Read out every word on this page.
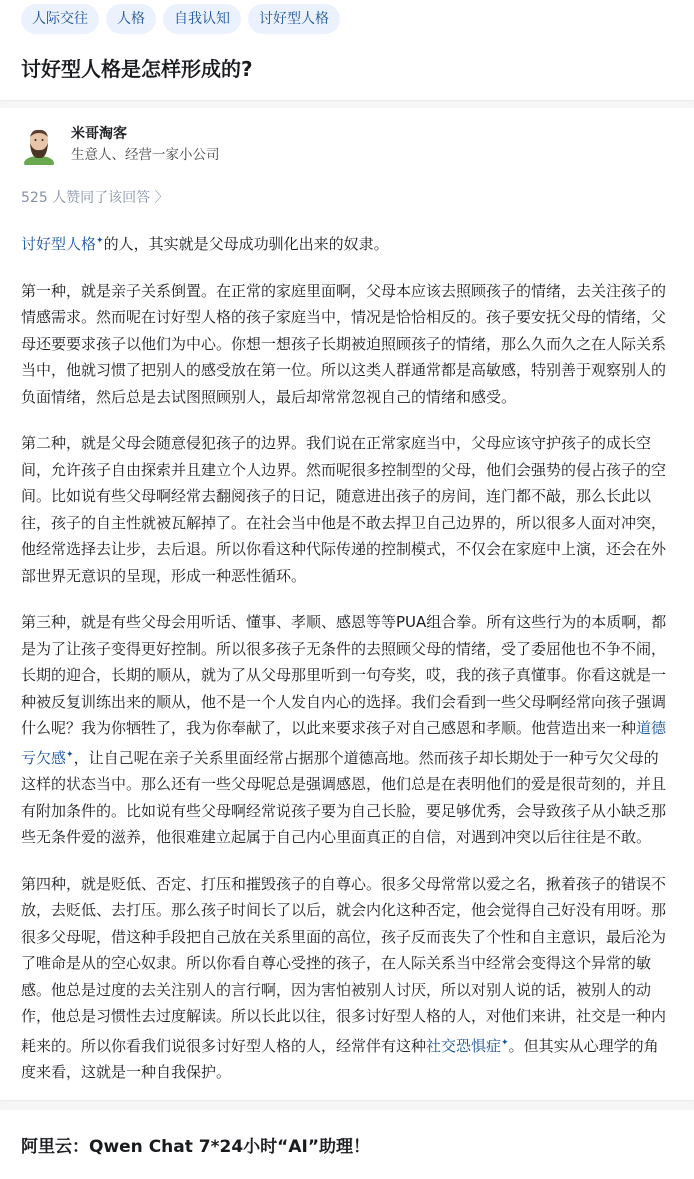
人际交往	人格	自我认知	讨好型人格
讨好型人格是怎样形成的?
米哥淘客
生意人、经营一家小公司
525 人赞同了该回答 〉

讨好型人格✦的人，其实就是父母成功驯化出来的奴隶。

第一种，就是亲子关系倒置。在正常的家庭里面啊，父母本应该去照顾孩子的情绪，去关注孩子的情感需求。然而呢在讨好型人格的孩子家庭当中，情况是恰恰相反的。孩子要安抚父母的情绪，父母还要要求孩子以他们为中心。你想一想孩子长期被迫照顾孩子的情绪，那么久而久之在人际关系当中，他就习惯了把别人的感受放在第一位。所以这类人群通常都是高敏感，特别善于观察别人的负面情绪，然后总是去试图照顾别人，最后却常常忽视自己的情绪和感受。

第二种，就是父母会随意侵犯孩子的边界。我们说在正常家庭当中，父母应该守护孩子的成长空间，允许孩子自由探索并且建立个人边界。然而呢很多控制型的父母，他们会强势的侵占孩子的空间。比如说有些父母啊经常去翻阅孩子的日记，随意进出孩子的房间，连门都不敲，那么长此以往，孩子的自主性就被瓦解掉了。在社会当中他是不敢去捍卫自己边界的，所以很多人面对冲突，他经常选择去让步，去后退。所以你看这种代际传递的控制模式，不仅会在家庭中上演，还会在外部世界无意识的呈现，形成一种恶性循环。

第三种，就是有些父母会用听话、懂事、孝顺、感恩等等PUA组合拳。所有这些行为的本质啊，都是为了让孩子变得更好控制。所以很多孩子无条件的去照顾父母的情绪，受了委屈他也不争不闹，长期的迎合，长期的顺从，就为了从父母那里听到一句夸奖，哎，我的孩子真懂事。你看这就是一种被反复训练出来的顺从，他不是一个人发自内心的选择。我们会看到一些父母啊经常向孩子强调什么呢？我为你牺牲了，我为你奉献了，以此来要求孩子对自己感恩和孝顺。他营造出来一种道德亏欠感✦，让自己呢在亲子关系里面经常占据那个道德高地。然而孩子却长期处于一种亏欠父母的这样的状态当中。那么还有一些父母呢总是强调感恩，他们总是在表明他们的爱是很苛刻的，并且有附加条件的。比如说有些父母啊经常说孩子要为自己长脸，要足够优秀，会导致孩子从小缺乏那些无条件爱的滋养，他很难建立起属于自己内心里面真正的自信，对遇到冲突以后往往是不敢。

第四种，就是贬低、否定、打压和摧毁孩子的自尊心。很多父母常常以爱之名，揪着孩子的错误不放，去贬低、去打压。那么孩子时间长了以后，就会内化这种否定，他会觉得自己好没有用呀。那很多父母呢，借这种手段把自己放在关系里面的高位，孩子反而丧失了个性和自主意识，最后沦为了唯命是从的空心奴隶。所以你看自尊心受挫的孩子，在人际关系当中经常会变得这个异常的敏感。他总是过度的去关注别人的言行啊，因为害怕被别人讨厌，所以对别人说的话，被别人的动作，他总是习惯性去过度解读。所以长此以往，很多讨好型人格的人，对他们来讲，社交是一种内耗来的。所以你看我们说很多讨好型人格的人，经常伴有这种社交恐惧症✦。但其实从心理学的角度来看，这就是一种自我保护。

阿里云：Qwen Chat 7*24小时“AI”助理！
